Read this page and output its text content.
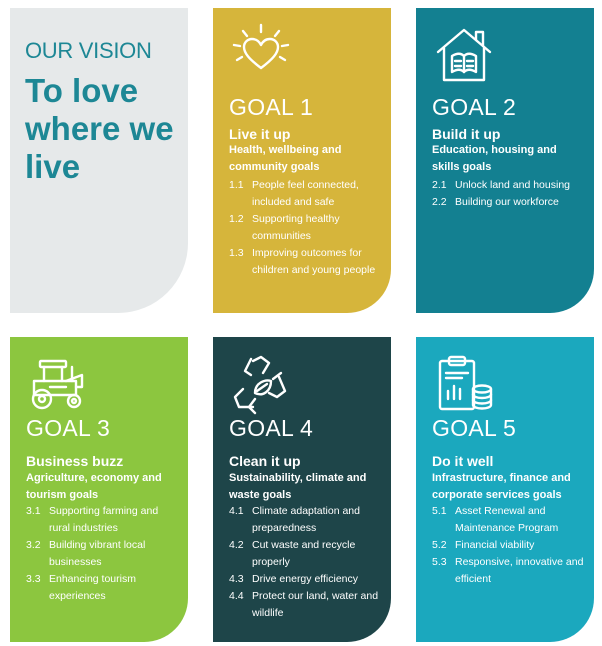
OUR VISION
To love where we live
GOAL 1
Live it up
Health, wellbeing and community goals
1.1 People feel connected, included and safe
1.2 Supporting healthy communities
1.3 Improving outcomes for children and young people
GOAL 2
Build it up
Education, housing and skills goals
2.1 Unlock land and housing
2.2 Building our workforce
GOAL 3
Business buzz
Agriculture, economy and tourism goals
3.1 Supporting farming and rural industries
3.2 Building vibrant local businesses
3.3 Enhancing tourism experiences
GOAL 4
Clean it up
Sustainability, climate and waste goals
4.1 Climate adaptation and preparedness
4.2 Cut waste and recycle properly
4.3 Drive energy efficiency
4.4 Protect our land, water and wildlife
GOAL 5
Do it well
Infrastructure, finance and corporate services goals
5.1 Asset Renewal and Maintenance Program
5.2 Financial viability
5.3 Responsive, innovative and efficient
